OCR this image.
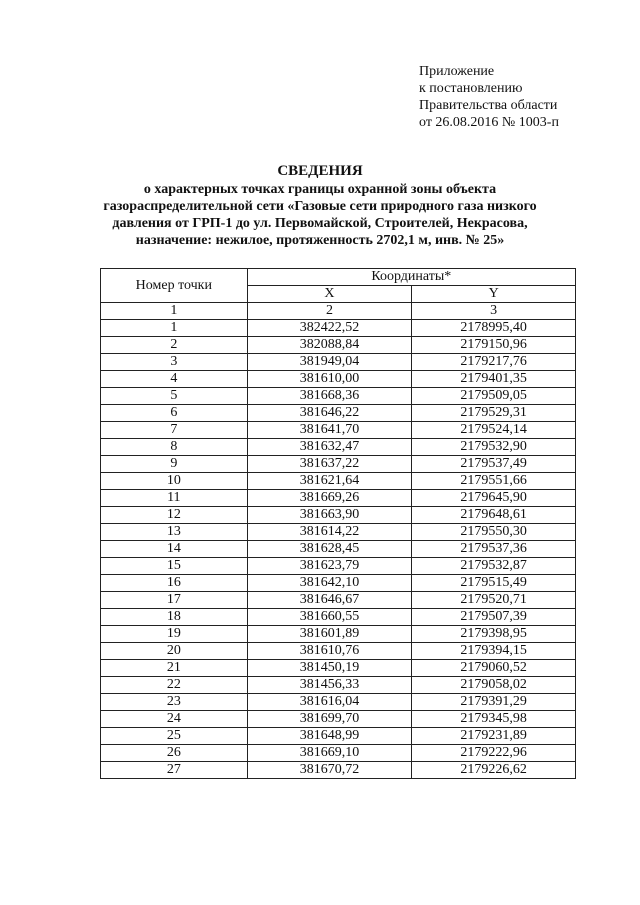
Приложение
к постановлению
Правительства области
от 26.08.2016 № 1003-п
СВЕДЕНИЯ
о характерных точках границы охранной зоны объекта
газораспределительной сети «Газовые сети природного газа низкого
давления от ГРП-1 до ул. Первомайской, Строителей, Некрасова,
назначение: нежилое, протяженность 2702,1 м, инв. № 25»
Номер точки	Координаты*	
	X	Y
1	2	3
1	382422,52	2178995,40
2	382088,84	2179150,96
3	381949,04	2179217,76
4	381610,00	2179401,35
5	381668,36	2179509,05
6	381646,22	2179529,31
7	381641,70	2179524,14
8	381632,47	2179532,90
9	381637,22	2179537,49
10	381621,64	2179551,66
11	381669,26	2179645,90
12	381663,90	2179648,61
13	381614,22	2179550,30
14	381628,45	2179537,36
15	381623,79	2179532,87
16	381642,10	2179515,49
17	381646,67	2179520,71
18	381660,55	2179507,39
19	381601,89	2179398,95
20	381610,76	2179394,15
21	381450,19	2179060,52
22	381456,33	2179058,02
23	381616,04	2179391,29
24	381699,70	2179345,98
25	381648,99	2179231,89
26	381669,10	2179222,96
27	381670,72	2179226,62
